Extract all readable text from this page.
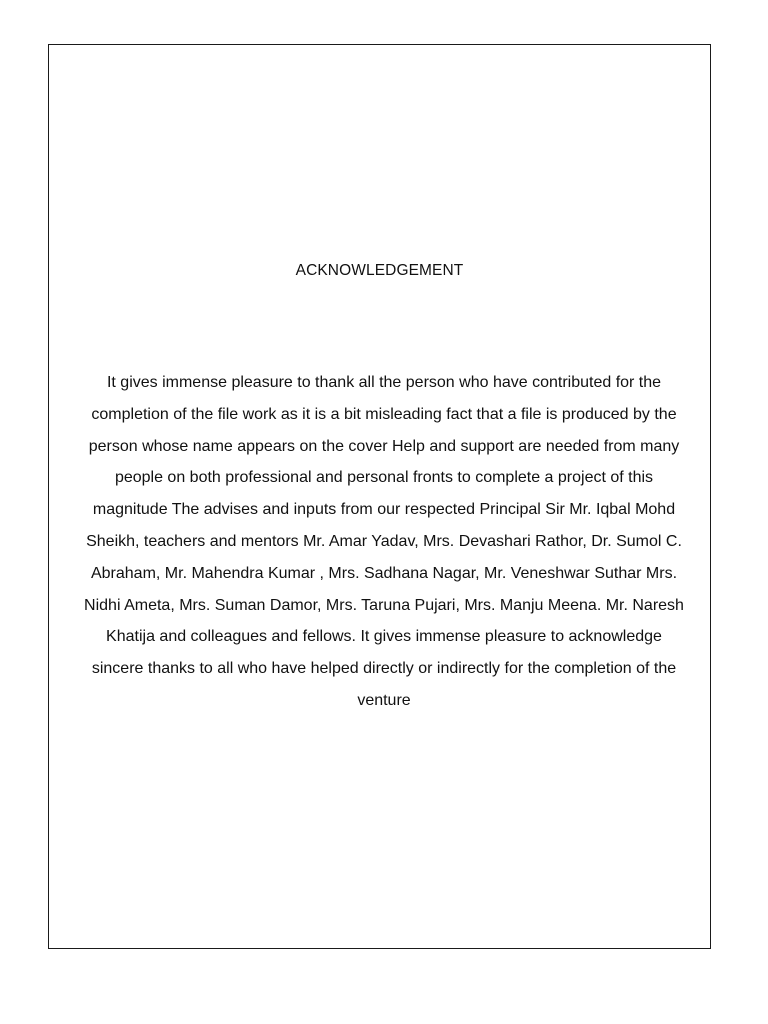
ACKNOWLEDGEMENT

It gives immense pleasure to thank all the person who have contributed for the completion of the file work as it is a bit misleading fact that a file is produced by the person whose name appears on the cover Help and support are needed from many people on both professional and personal fronts to complete a project of this magnitude The advises and inputs from our respected Principal Sir Mr. Iqbal Mohd Sheikh, teachers and mentors Mr. Amar Yadav, Mrs. Devashari Rathor, Dr. Sumol C. Abraham, Mr. Mahendra Kumar , Mrs. Sadhana Nagar, Mr. Veneshwar Suthar Mrs. Nidhi Ameta, Mrs. Suman Damor, Mrs. Taruna Pujari, Mrs. Manju Meena. Mr. Naresh Khatija and colleagues and fellows. It gives immense pleasure to acknowledge sincere thanks to all who have helped directly or indirectly for the completion of the venture
